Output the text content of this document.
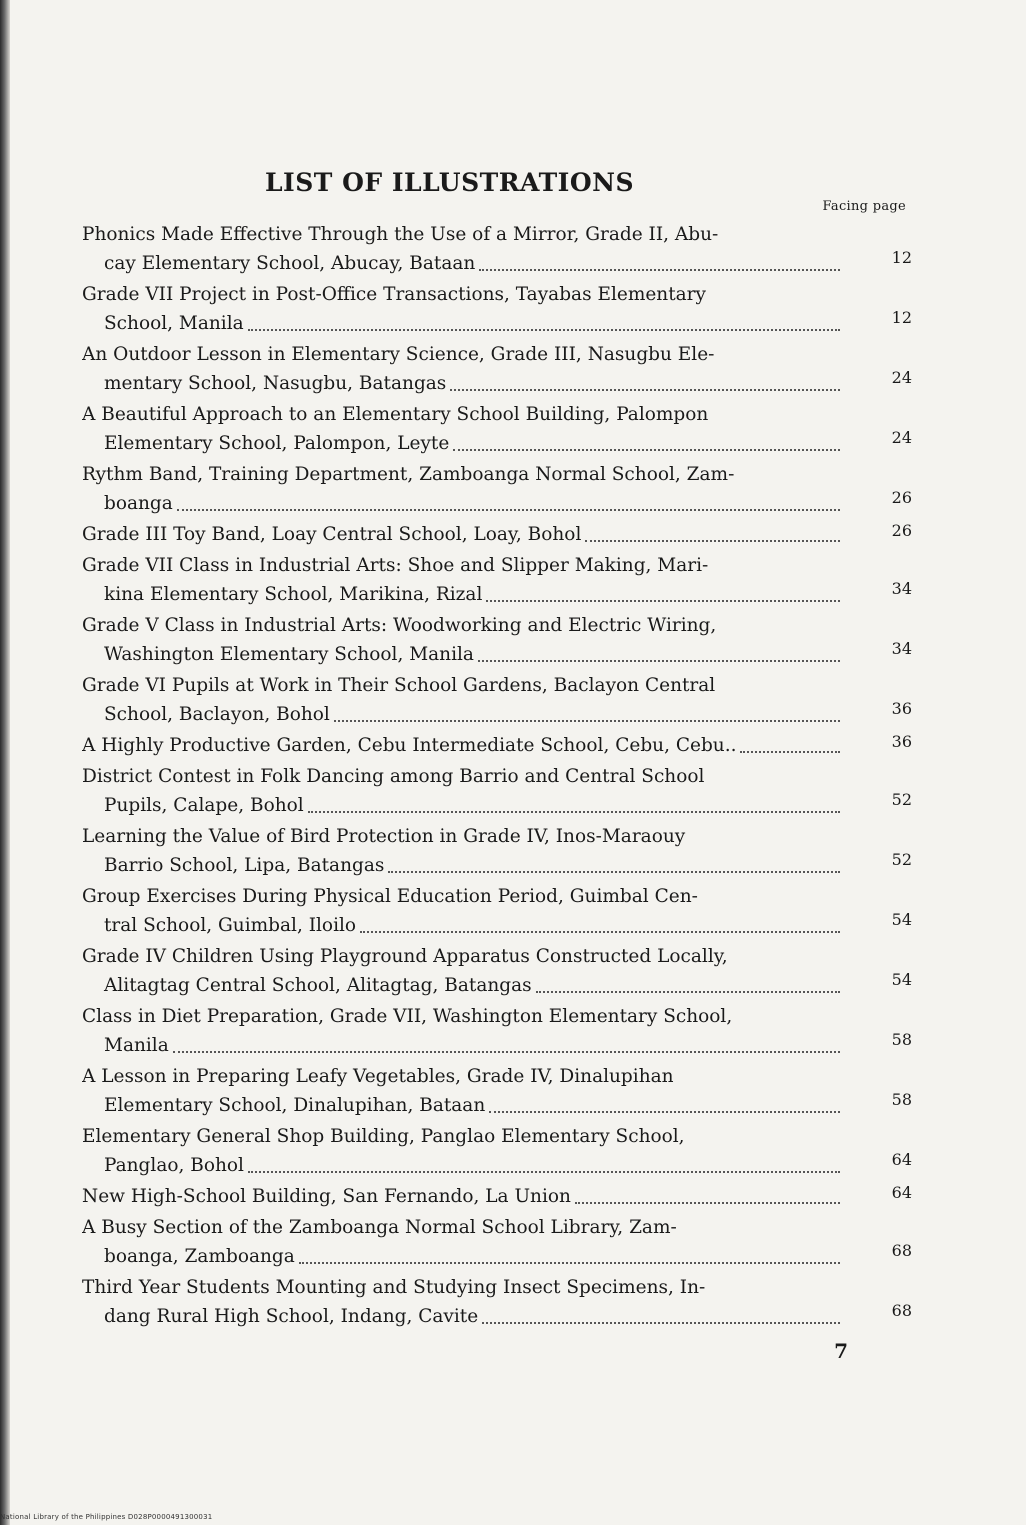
LIST OF ILLUSTRATIONS
Facing page
Phonics Made Effective Through the Use of a Mirror, Grade II, Abu-
cay Elementary School, Abucay, Bataan	12
Grade VII Project in Post-Office Transactions, Tayabas Elementary
School, Manila	12
An Outdoor Lesson in Elementary Science, Grade III, Nasugbu Ele-
mentary School, Nasugbu, Batangas	24
A Beautiful Approach to an Elementary School Building, Palompon
Elementary School, Palompon, Leyte	24
Rythm Band, Training Department, Zamboanga Normal School, Zam-
boanga	26
Grade III Toy Band, Loay Central School, Loay, Bohol	26
Grade VII Class in Industrial Arts: Shoe and Slipper Making, Mari-
kina Elementary School, Marikina, Rizal	34
Grade V Class in Industrial Arts: Woodworking and Electric Wiring,
Washington Elementary School, Manila	34
Grade VI Pupils at Work in Their School Gardens, Baclayon Central
School, Baclayon, Bohol	36
A Highly Productive Garden, Cebu Intermediate School, Cebu, Cebu..	36
District Contest in Folk Dancing among Barrio and Central School
Pupils, Calape, Bohol	52
Learning the Value of Bird Protection in Grade IV, Inos-Maraouy
Barrio School, Lipa, Batangas	52
Group Exercises During Physical Education Period, Guimbal Cen-
tral School, Guimbal, Iloilo	54
Grade IV Children Using Playground Apparatus Constructed Locally,
Alitagtag Central School, Alitagtag, Batangas	54
Class in Diet Preparation, Grade VII, Washington Elementary School,
Manila	58
A Lesson in Preparing Leafy Vegetables, Grade IV, Dinalupihan
Elementary School, Dinalupihan, Bataan	58
Elementary General Shop Building, Panglao Elementary School,
Panglao, Bohol	64
New High-School Building, San Fernando, La Union	64
A Busy Section of the Zamboanga Normal School Library, Zam-
boanga, Zamboanga	68
Third Year Students Mounting and Studying Insect Specimens, In-
dang Rural High School, Indang, Cavite	68
7
National Library of the Philippines D028P0000491300031
